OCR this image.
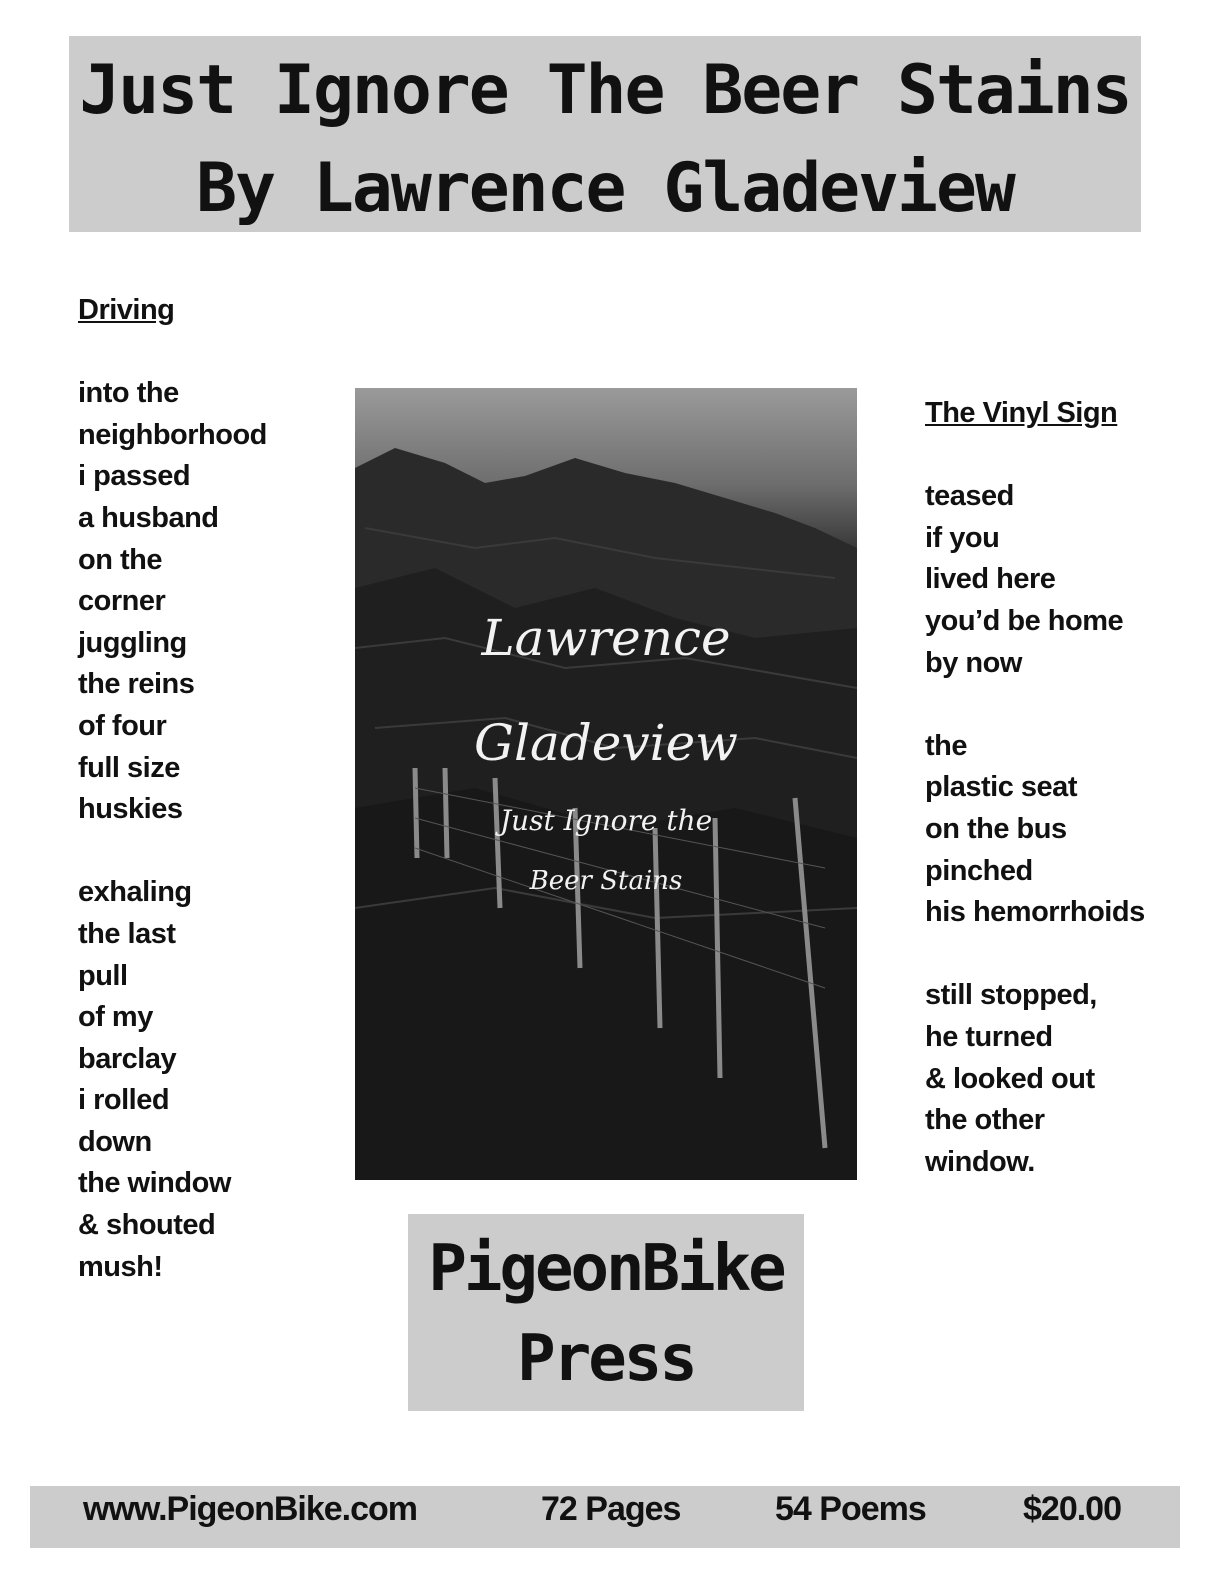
Just Ignore The Beer Stains
By Lawrence Gladeview
Driving
into the
neighborhood
i passed
a husband
on the
corner
juggling
the reins
of four
full size
huskies
exhaling
the last
pull
of my
barclay
i rolled
down
the window
& shouted
mush!
Lawrence
Gladeview
Just Ignore the
Beer Stains
The Vinyl Sign
teased
if you
lived here
you’d be home
by now
the
plastic seat
on the bus
pinched
his hemorrhoids
still stopped,
he turned
& looked out
the other
window.
PigeonBike
Press
www.PigeonBike.com	72 Pages	54 Poems	$20.00
